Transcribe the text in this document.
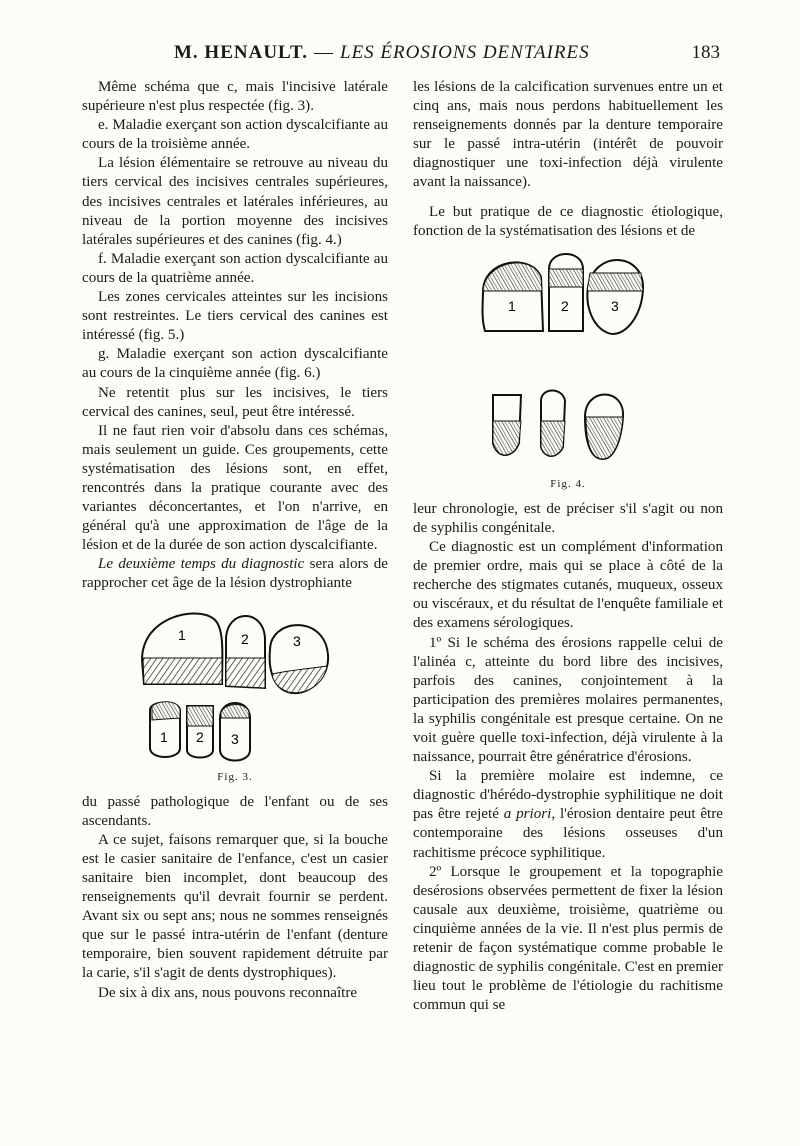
M. HENAULT. — LES ÉROSIONS DENTAIRES	183

Même schéma que c, mais l'incisive latérale supérieure n'est plus respectée (fig. 3).

e. Maladie exerçant son action dyscalcifiante au cours de la troisième année.

La lésion élémentaire se retrouve au niveau du tiers cervical des incisives centrales supérieures, des incisives centrales et latérales inférieures, au niveau de la portion moyenne des incisives latérales supérieures et des canines (fig. 4.)

f. Maladie exerçant son action dyscalcifiante au cours de la quatrième année.

Les zones cervicales atteintes sur les incisions sont restreintes. Le tiers cervical des canines est intéressé (fig. 5.)

g. Maladie exerçant son action dyscalcifiante au cours de la cinquième année (fig. 6.)

Ne retentit plus sur les incisives, le tiers cervical des canines, seul, peut être intéressé.

Il ne faut rien voir d'absolu dans ces schémas, mais seulement un guide. Ces groupements, cette systématisation des lésions sont, en effet, rencontrés dans la pratique courante avec des variantes déconcertantes, et l'on n'arrive, en général qu'à une approximation de l'âge de la lésion et de la durée de son action dyscalcifiante.

Le deuxième temps du diagnostic sera alors de rapprocher cet âge de la lésion dystrophiante

1	2	3
1 2 3
Fig. 3.

du passé pathologique de l'enfant ou de ses ascendants.

A ce sujet, faisons remarquer que, si la bouche est le casier sanitaire de l'enfance, c'est un casier sanitaire bien incomplet, dont beaucoup des renseignements qu'il devrait fournir se perdent. Avant six ou sept ans; nous ne sommes renseignés que sur le passé intra-utérin de l'enfant (denture temporaire, bien souvent rapidement détruite par la carie, s'il s'agit de dents dystrophiques).

De six à dix ans, nous pouvons reconnaître

les lésions de la calcification survenues entre un et cinq ans, mais nous perdons habituellement les renseignements donnés par la denture temporaire sur le passé intra-utérin (intérêt de pouvoir diagnostiquer une toxi-infection déjà virulente avant la naissance).

Le but pratique de ce diagnostic étiologique, fonction de la systématisation des lésions et de

1	2	3
Fig. 4.

leur chronologie, est de préciser s'il s'agit ou non de syphilis congénitale.

Ce diagnostic est un complément d'information de premier ordre, mais qui se place à côté de la recherche des stigmates cutanés, muqueux, osseux ou viscéraux, et du résultat de l'enquête familiale et des examens sérologiques.

1º Si le schéma des érosions rappelle celui de l'alinéa c, atteinte du bord libre des incisives, parfois des canines, conjointement à la participation des premières molaires permanentes, la syphilis congénitale est presque certaine. On ne voit guère quelle toxi-infection, déjà virulente à la naissance, pourrait être génératrice d'érosions.

Si la première molaire est indemne, ce diagnostic d'hérédo-dystrophie syphilitique ne doit pas être rejeté a priori, l'érosion dentaire peut être contemporaine des lésions osseuses d'un rachitisme précoce syphilitique.

2º Lorsque le groupement et la topographie desérosions observées permettent de fixer la lésion causale aux deuxième, troisième, quatrième ou cinquième années de la vie. Il n'est plus permis de retenir de façon systématique comme probable le diagnostic de syphilis congénitale. C'est en premier lieu tout le problème de l'étiologie du rachitisme commun qui se
